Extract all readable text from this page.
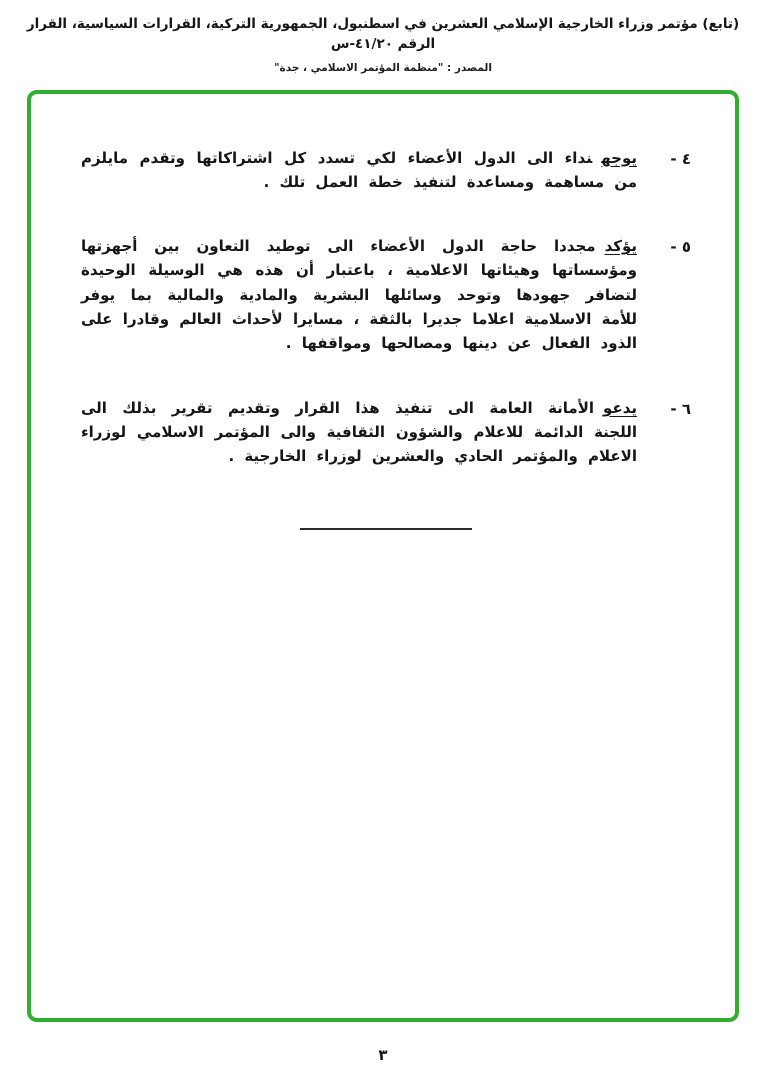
(تابع) مؤتمر وزراء الخارجية الإسلامي العشرين في اسطنبول، الجمهورية التركية، القرارات السياسية، القرار الرقم ٤١/٢٠-س
المصدر : "منظمة المؤتمر الاسلامي ، جدة"
٤ -

يوجهنداء الى الدول الأعضاء لكي تسدد كل اشتراكاتها وتقدم مايلزم من مساهمة ومساعدة لتنفيذ خطة العمل تلك .

٥ -

يؤكدمجددا حاجة الدول الأعضاء الى توطيد التعاون بين أجهزتها ومؤسساتها وهيئاتها الاعلامية ، باعتبار أن هذه هي الوسيلة الوحيدة لتضافر جهودها وتوحد وسائلها البشرية والمادية والمالية بما يوفر للأمة الاسلامية اعلاما جديرا بالثقة ، مسايرا لأحداث العالم وقادرا على الذود الفعال عن دينها ومصالحها ومواقفها .

٦ -

يدعوالأمانة العامة الى تنفيذ هذا القرار وتقديم تقرير بذلك الى اللجنة الدائمة للاعلام والشؤون الثقافية والى المؤتمر الاسلامي لوزراء الاعلام والمؤتمر الحادي والعشرين لوزراء الخارجية .

٣
